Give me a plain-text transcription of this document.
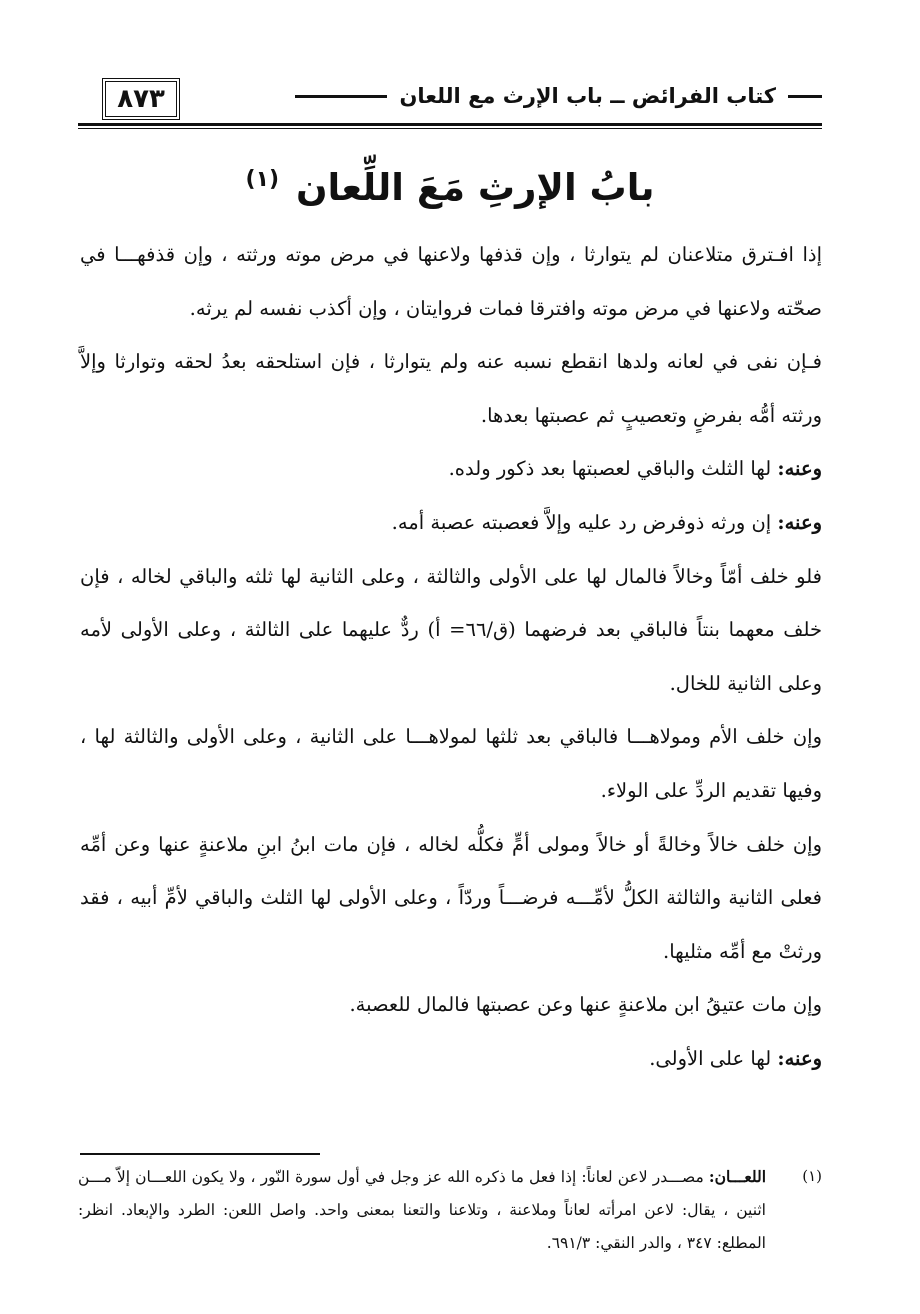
٨٧٣	كتاب الفرائض ــ باب الإرث مع اللعان
بابُ الإرثِ مَعَ اللِّعان $^{(١)}$

إذا افـترق متلاعنان لم يتوارثا ، وإن قذفها ولاعنها في مرض موته ورثته ، وإن قذفهـــا في صحّته ولاعنها في مرض موته وافترقا فمات فروايتان ، وإن أكذب نفسه لم يرثه.

فـإن نفى في لعانه ولدها انقطع نسبه عنه ولم يتوارثا ، فإن استلحقه بعدُ لحقه وتوارثا وإلاَّ ورثته أمُّه بفرضٍ وتعصيبٍ ثم عصبتها بعدها.

وعنه: لها الثلث والباقي لعصبتها بعد ذكور ولده.

وعنه: إن ورثه ذوفرض رد عليه وإلاَّ فعصبته عصبة أمه.

فلو خلف أمّاً وخالاً فالمال لها على الأولى والثالثة ، وعلى الثانية لها ثلثه والباقي لخاله ، فإن خلف معهما بنتاً فالباقي بعد فرضهما (ق/٦٦= أ) ردٌّ عليهما على الثالثة ، وعلى الأولى لأمه وعلى الثانية للخال.

وإن خلف الأم ومولاهـــا فالباقي بعد ثلثها لمولاهـــا على الثانية ، وعلى الأولى والثالثة لها ، وفيها تقديم الردِّ على الولاء.

وإن خلف خالاً وخالةً أو خالاً ومولى أمٍّ فكلُّه لخاله ، فإن مات ابنُ ابنِ ملاعنةٍ عنها وعن أمِّه فعلى الثانية والثالثة الكلُّ لأمِّـــه فرضـــاً وردّاً ، وعلى الأولى لها الثلث والباقي لأمِّ أبيه ، فقد ورثتْ مع أمِّه مثليها.

وإن مات عتيقُ ابن ملاعنةٍ عنها وعن عصبتها فالمال للعصبة.

وعنه: لها على الأولى.

(١)
اللعـــان: مصـــدر لاعن لعاناً: إذا فعل ما ذكره الله عز وجل في أول سورة النّور ، ولا يكون اللعـــان إلاّ مـــن اثنين ، يقال: لاعن امرأته لعاناً وملاعنة ، وتلاعنا والتعنا بمعنى واحد. واصل اللعن: الطرد والإبعاد. انظر: المطلع: ٣٤٧ ، والدر النقي: ٦٩١/٣.
